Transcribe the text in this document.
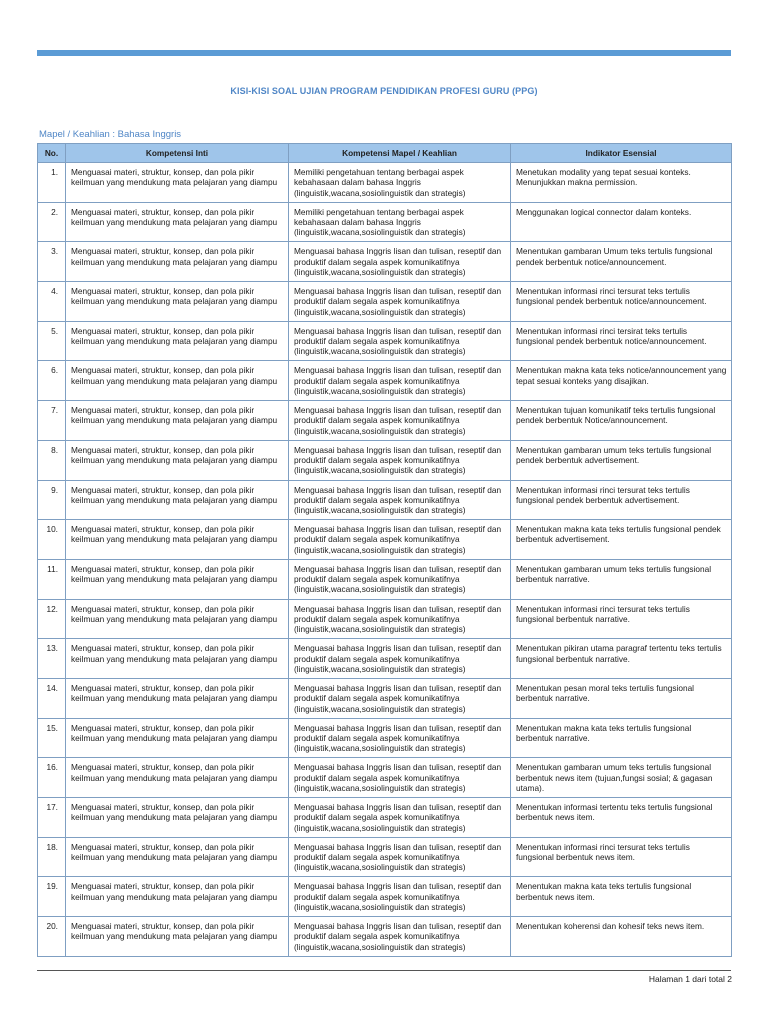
KISI-KISI SOAL UJIAN PROGRAM PENDIDIKAN PROFESI GURU (PPG)
Mapel / Keahlian : Bahasa Inggris
No.	Kompetensi Inti	Kompetensi Mapel / Keahlian	Indikator Esensial
1.	Menguasai materi, struktur, konsep, dan pola pikir keilmuan yang mendukung mata pelajaran yang diampu	Memiliki pengetahuan tentang berbagai aspek kebahasaan dalam bahasa Inggris (linguistik,wacana,sosiolinguistik dan strategis)	Menetukan modality yang tepat sesuai konteks. Menunjukkan makna permission.
2.	Menguasai materi, struktur, konsep, dan pola pikir keilmuan yang mendukung mata pelajaran yang diampu	Memiliki pengetahuan tentang berbagai aspek kebahasaan dalam bahasa Inggris (linguistik,wacana,sosiolinguistik dan strategis)	Menggunakan logical connector dalam konteks.
3.	Menguasai materi, struktur, konsep, dan pola pikir keilmuan yang mendukung mata pelajaran yang diampu	Menguasai bahasa Inggris lisan dan tulisan, reseptif dan produktif dalam segala aspek komunikatifnya (linguistik,wacana,sosiolinguistik dan strategis)	Menentukan gambaran Umum teks tertulis fungsional pendek berbentuk notice/announcement.
4.	Menguasai materi, struktur, konsep, dan pola pikir keilmuan yang mendukung mata pelajaran yang diampu	Menguasai bahasa Inggris lisan dan tulisan, reseptif dan produktif dalam segala aspek komunikatifnya (linguistik,wacana,sosiolinguistik dan strategis)	Menentukan informasi rinci tersurat teks tertulis fungsional pendek berbentuk notice/announcement.
5.	Menguasai materi, struktur, konsep, dan pola pikir keilmuan yang mendukung mata pelajaran yang diampu	Menguasai bahasa Inggris lisan dan tulisan, reseptif dan produktif dalam segala aspek komunikatifnya (linguistik,wacana,sosiolinguistik dan strategis)	Menentukan informasi rinci tersirat teks tertulis fungsional pendek berbentuk notice/announcement.
6.	Menguasai materi, struktur, konsep, dan pola pikir keilmuan yang mendukung mata pelajaran yang diampu	Menguasai bahasa Inggris lisan dan tulisan, reseptif dan produktif dalam segala aspek komunikatifnya (linguistik,wacana,sosiolinguistik dan strategis)	Menentukan makna kata teks notice/announcement yang tepat sesuai konteks yang disajikan.
7.	Menguasai materi, struktur, konsep, dan pola pikir keilmuan yang mendukung mata pelajaran yang diampu	Menguasai bahasa Inggris lisan dan tulisan, reseptif dan produktif dalam segala aspek komunikatifnya (linguistik,wacana,sosiolinguistik dan strategis)	Menentukan tujuan komunikatif teks tertulis fungsional pendek berbentuk Notice/announcement.
8.	Menguasai materi, struktur, konsep, dan pola pikir keilmuan yang mendukung mata pelajaran yang diampu	Menguasai bahasa Inggris lisan dan tulisan, reseptif dan produktif dalam segala aspek komunikatifnya (linguistik,wacana,sosiolinguistik dan strategis)	Menentukan gambaran umum teks tertulis fungsional pendek berbentuk advertisement.
9.	Menguasai materi, struktur, konsep, dan pola pikir keilmuan yang mendukung mata pelajaran yang diampu	Menguasai bahasa Inggris lisan dan tulisan, reseptif dan produktif dalam segala aspek komunikatifnya (linguistik,wacana,sosiolinguistik dan strategis)	Menentukan informasi rinci tersurat teks tertulis fungsional pendek berbentuk advertisement.
10.	Menguasai materi, struktur, konsep, dan pola pikir keilmuan yang mendukung mata pelajaran yang diampu	Menguasai bahasa Inggris lisan dan tulisan, reseptif dan produktif dalam segala aspek komunikatifnya (linguistik,wacana,sosiolinguistik dan strategis)	Menentukan makna kata teks tertulis fungsional pendek berbentuk advertisement.
11.	Menguasai materi, struktur, konsep, dan pola pikir keilmuan yang mendukung mata pelajaran yang diampu	Menguasai bahasa Inggris lisan dan tulisan, reseptif dan produktif dalam segala aspek komunikatifnya (linguistik,wacana,sosiolinguistik dan strategis)	Menentukan gambaran umum teks tertulis fungsional berbentuk narrative.
12.	Menguasai materi, struktur, konsep, dan pola pikir keilmuan yang mendukung mata pelajaran yang diampu	Menguasai bahasa Inggris lisan dan tulisan, reseptif dan produktif dalam segala aspek komunikatifnya (linguistik,wacana,sosiolinguistik dan strategis)	Menentukan informasi rinci tersurat teks tertulis fungsional berbentuk narrative.
13.	Menguasai materi, struktur, konsep, dan pola pikir keilmuan yang mendukung mata pelajaran yang diampu	Menguasai bahasa Inggris lisan dan tulisan, reseptif dan produktif dalam segala aspek komunikatifnya (linguistik,wacana,sosiolinguistik dan strategis)	Menentukan pikiran utama paragraf tertentu teks tertulis fungsional berbentuk narrative.
14.	Menguasai materi, struktur, konsep, dan pola pikir keilmuan yang mendukung mata pelajaran yang diampu	Menguasai bahasa Inggris lisan dan tulisan, reseptif dan produktif dalam segala aspek komunikatifnya (linguistik,wacana,sosiolinguistik dan strategis)	Menentukan pesan moral teks tertulis fungsional berbentuk narrative.
15.	Menguasai materi, struktur, konsep, dan pola pikir keilmuan yang mendukung mata pelajaran yang diampu	Menguasai bahasa Inggris lisan dan tulisan, reseptif dan produktif dalam segala aspek komunikatifnya (linguistik,wacana,sosiolinguistik dan strategis)	Menentukan makna kata teks tertulis fungsional berbentuk narrative.
16.	Menguasai materi, struktur, konsep, dan pola pikir keilmuan yang mendukung mata pelajaran yang diampu	Menguasai bahasa Inggris lisan dan tulisan, reseptif dan produktif dalam segala aspek komunikatifnya (linguistik,wacana,sosiolinguistik dan strategis)	Menentukan gambaran umum teks tertulis fungsional berbentuk news item (tujuan,fungsi sosial; & gagasan utama).
17.	Menguasai materi, struktur, konsep, dan pola pikir keilmuan yang mendukung mata pelajaran yang diampu	Menguasai bahasa Inggris lisan dan tulisan, reseptif dan produktif dalam segala aspek komunikatifnya (linguistik,wacana,sosiolinguistik dan strategis)	Menentukan informasi tertentu teks tertulis fungsional berbentuk news item.
18.	Menguasai materi, struktur, konsep, dan pola pikir keilmuan yang mendukung mata pelajaran yang diampu	Menguasai bahasa Inggris lisan dan tulisan, reseptif dan produktif dalam segala aspek komunikatifnya (linguistik,wacana,sosiolinguistik dan strategis)	Menentukan informasi rinci tersurat teks tertulis fungsional berbentuk news item.
19.	Menguasai materi, struktur, konsep, dan pola pikir keilmuan yang mendukung mata pelajaran yang diampu	Menguasai bahasa Inggris lisan dan tulisan, reseptif dan produktif dalam segala aspek komunikatifnya (linguistik,wacana,sosiolinguistik dan strategis)	Menentukan makna kata teks tertulis fungsional berbentuk news item.
20.	Menguasai materi, struktur, konsep, dan pola pikir keilmuan yang mendukung mata pelajaran yang diampu	Menguasai bahasa Inggris lisan dan tulisan, reseptif dan produktif dalam segala aspek komunikatifnya (linguistik,wacana,sosiolinguistik dan strategis)	Menentukan koherensi dan kohesif teks news item.
Halaman 1 dari total 2
